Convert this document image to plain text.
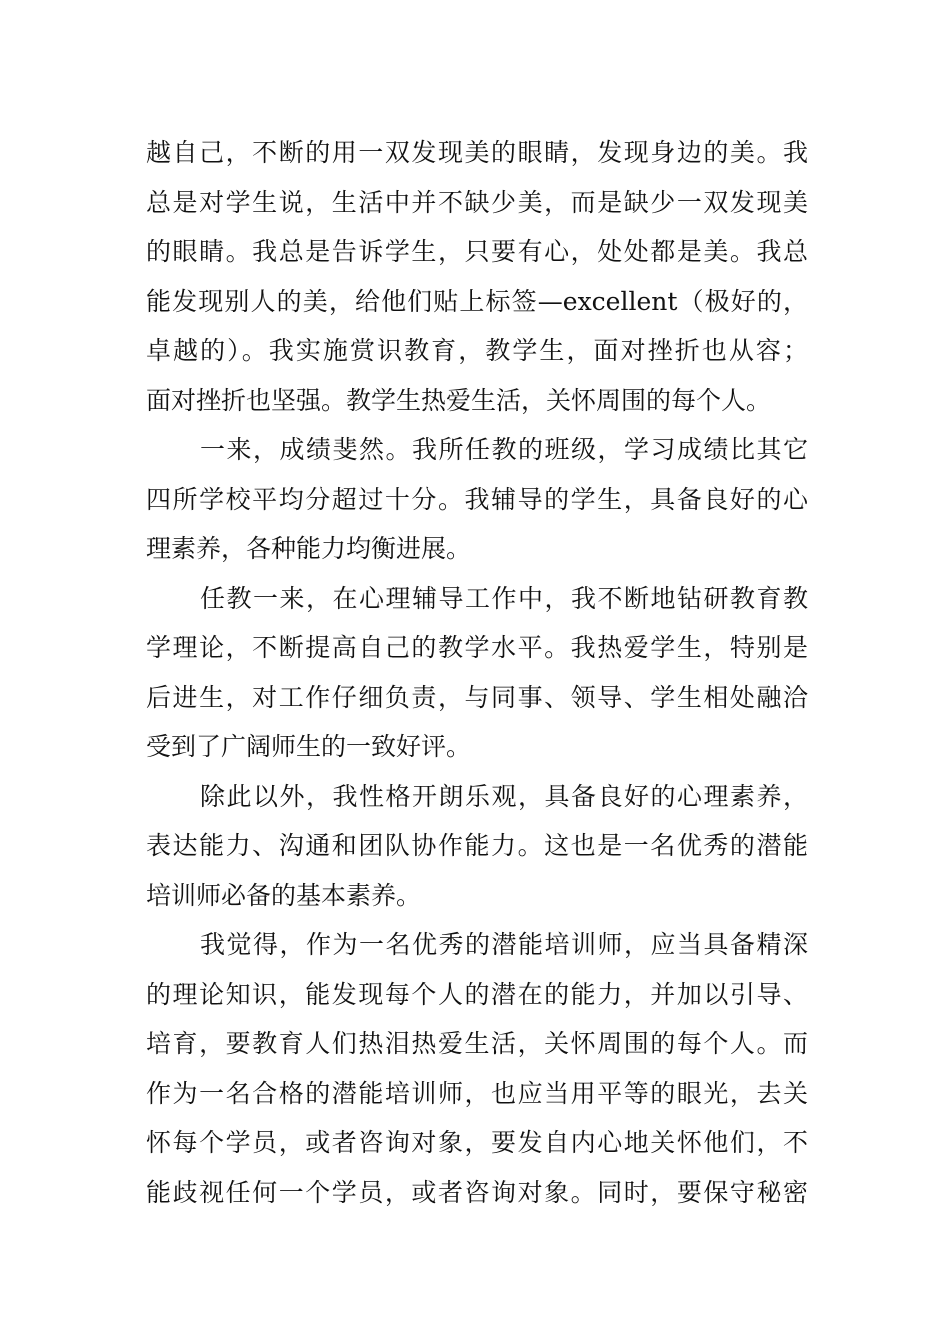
越自己，不断的用一双发现美的眼睛，发现身边的美。我
总是对学生说，生活中并不缺少美，而是缺少一双发现美
的眼睛。我总是告诉学生，只要有心，处处都是美。我总
能发现别人的美，给他们贴上标签—excellent（极好的，
卓越的）。我实施赏识教育，教学生，面对挫折也从容；
面对挫折也坚强。教学生热爱生活，关怀周围的每个人。
一来，成绩斐然。我所任教的班级，学习成绩比其它
四所学校平均分超过十分。我辅导的学生，具备良好的心
理素养，各种能力均衡进展。
任教一来，在心理辅导工作中，我不断地钻研教育教
学理论，不断提高自己的教学水平。我热爱学生，特别是
后进生，对工作仔细负责，与同事、领导、学生相处融洽
受到了广阔师生的一致好评。
除此以外，我性格开朗乐观，具备良好的心理素养，
表达能力、沟通和团队协作能力。这也是一名优秀的潜能
培训师必备的基本素养。
我觉得，作为一名优秀的潜能培训师，应当具备精深
的理论知识，能发现每个人的潜在的能力，并加以引导、
培育，要教育人们热泪热爱生活，关怀周围的每个人。而
作为一名合格的潜能培训师，也应当用平等的眼光，去关
怀每个学员，或者咨询对象，要发自内心地关怀他们，不
能歧视任何一个学员，或者咨询对象。同时，要保守秘密
